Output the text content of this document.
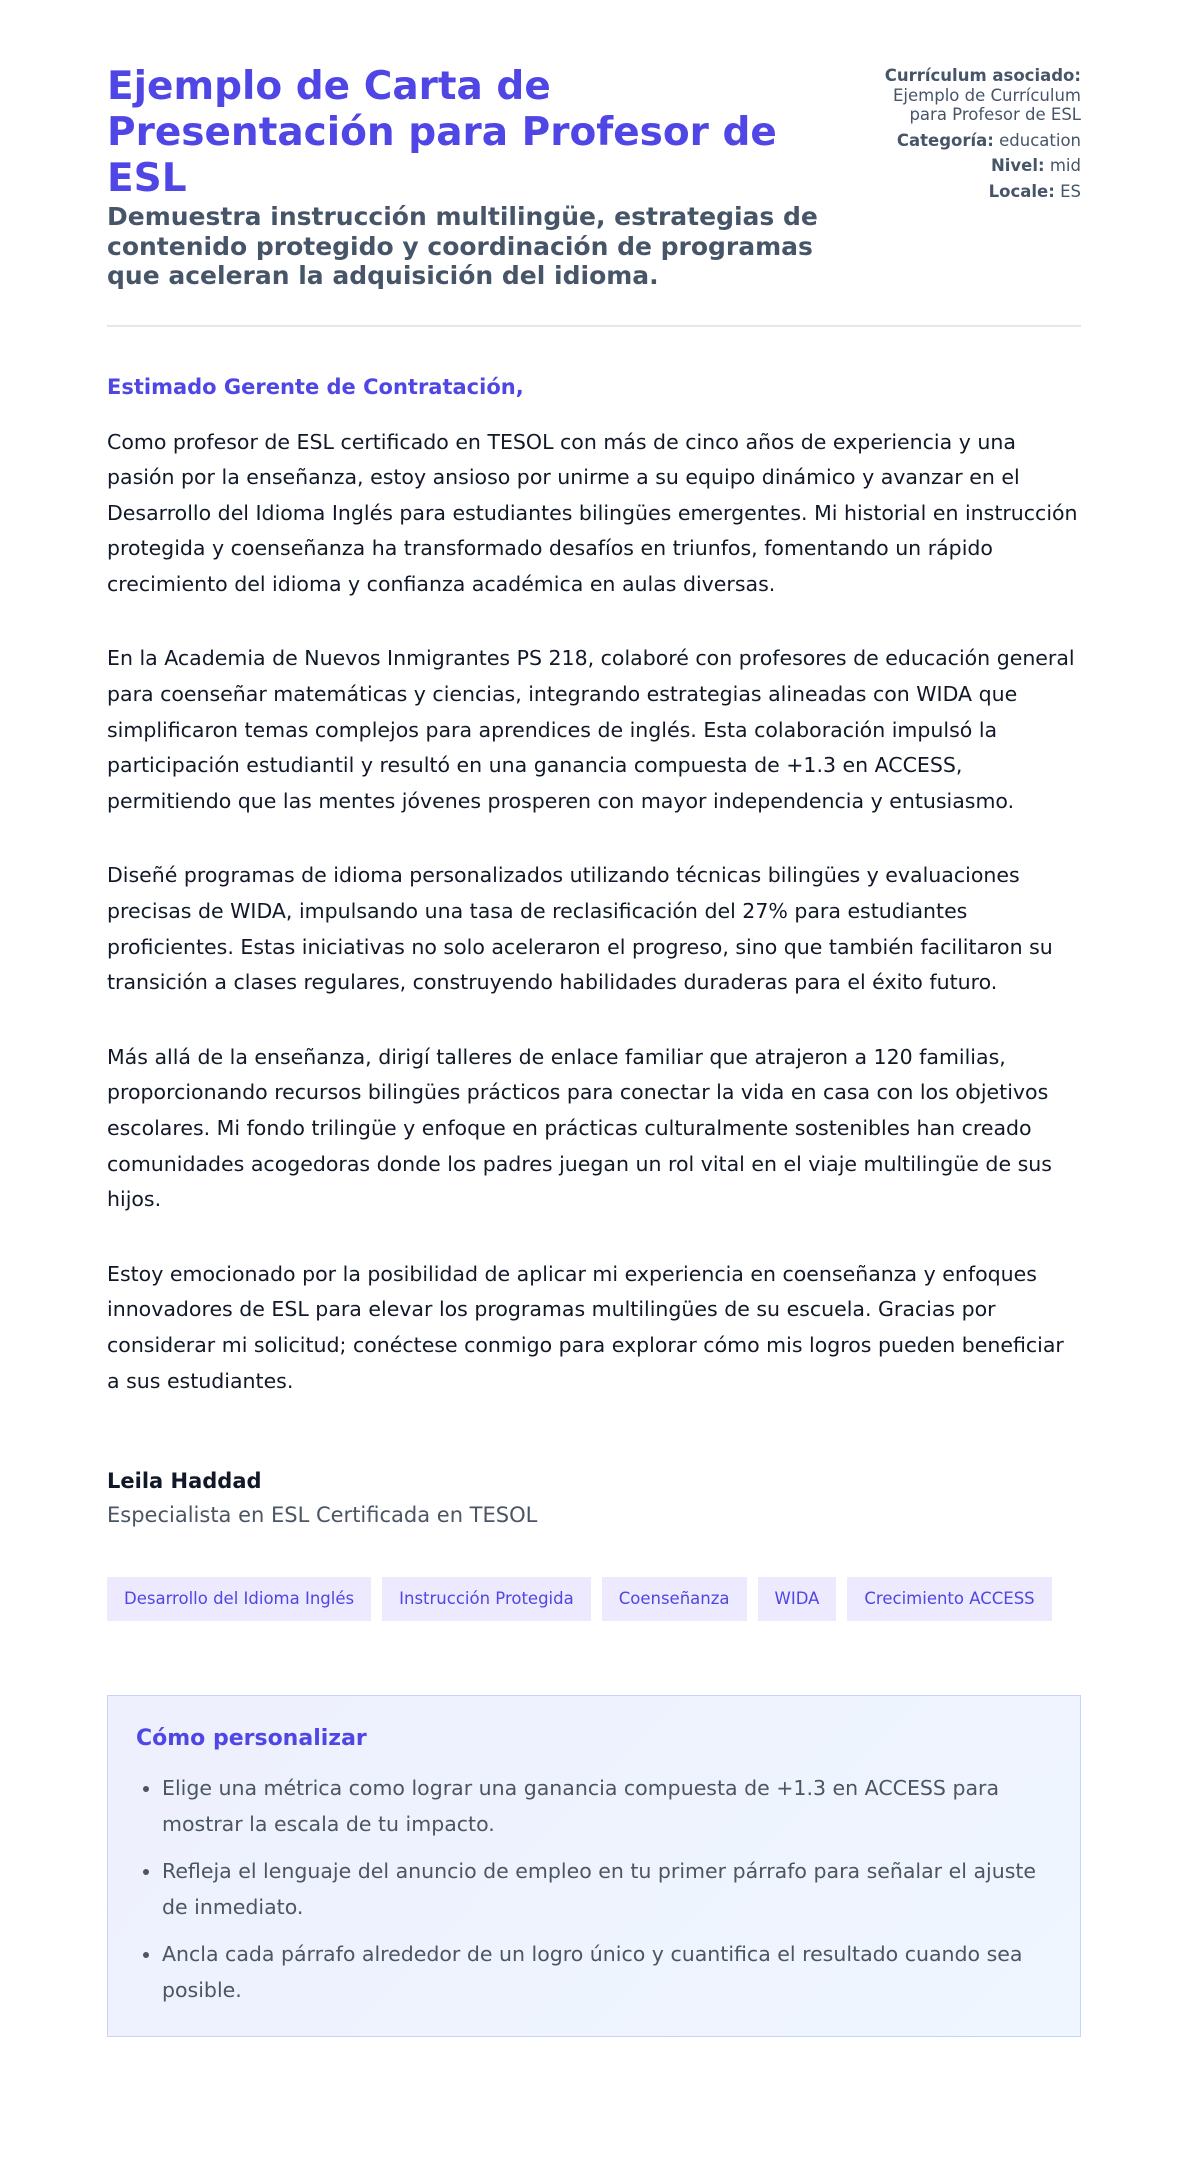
Ejemplo de Carta de Presentación para Profesor de ESL

Demuestra instrucción multilingüe, estrategias de contenido protegido y coordinación de programas que aceleran la adquisición del idioma.

Currículum asociado:
Ejemplo de Currículum para Profesor de ESL
Categoría: education
Nivel: mid
Locale: ES

Estimado Gerente de Contratación,

Como profesor de ESL certificado en TESOL con más de cinco años de experiencia y una pasión por la enseñanza, estoy ansioso por unirme a su equipo dinámico y avanzar en el Desarrollo del Idioma Inglés para estudiantes bilingües emergentes. Mi historial en instrucción protegida y coenseñanza ha transformado desafíos en triunfos, fomentando un rápido crecimiento del idioma y confianza académica en aulas diversas.

En la Academia de Nuevos Inmigrantes PS 218, colaboré con profesores de educación general para coenseñar matemáticas y ciencias, integrando estrategias alineadas con WIDA que simplificaron temas complejos para aprendices de inglés. Esta colaboración impulsó la participación estudiantil y resultó en una ganancia compuesta de +1.3 en ACCESS, permitiendo que las mentes jóvenes prosperen con mayor independencia y entusiasmo.

Diseñé programas de idioma personalizados utilizando técnicas bilingües y evaluaciones precisas de WIDA, impulsando una tasa de reclasificación del 27% para estudiantes proficientes. Estas iniciativas no solo aceleraron el progreso, sino que también facilitaron su transición a clases regulares, construyendo habilidades duraderas para el éxito futuro.

Más allá de la enseñanza, dirigí talleres de enlace familiar que atrajeron a 120 familias, proporcionando recursos bilingües prácticos para conectar la vida en casa con los objetivos escolares. Mi fondo trilingüe y enfoque en prácticas culturalmente sostenibles han creado comunidades acogedoras donde los padres juegan un rol vital en el viaje multilingüe de sus hijos.

Estoy emocionado por la posibilidad de aplicar mi experiencia en coenseñanza y enfoques innovadores de ESL para elevar los programas multilingües de su escuela. Gracias por considerar mi solicitud; conéctese conmigo para explorar cómo mis logros pueden beneficiar a sus estudiantes.

Leila Haddad
Especialista en ESL Certificada en TESOL
Desarrollo del Idioma Inglés	Instrucción Protegida	Coenseñanza	WIDA	Crecimiento ACCESS
Cómo personalizar
• Elige una métrica como lograr una ganancia compuesta de +1.3 en ACCESS para mostrar la escala de tu impacto.
• Refleja el lenguaje del anuncio de empleo en tu primer párrafo para señalar el ajuste de inmediato.
• Ancla cada párrafo alrededor de un logro único y cuantifica el resultado cuando sea posible.
